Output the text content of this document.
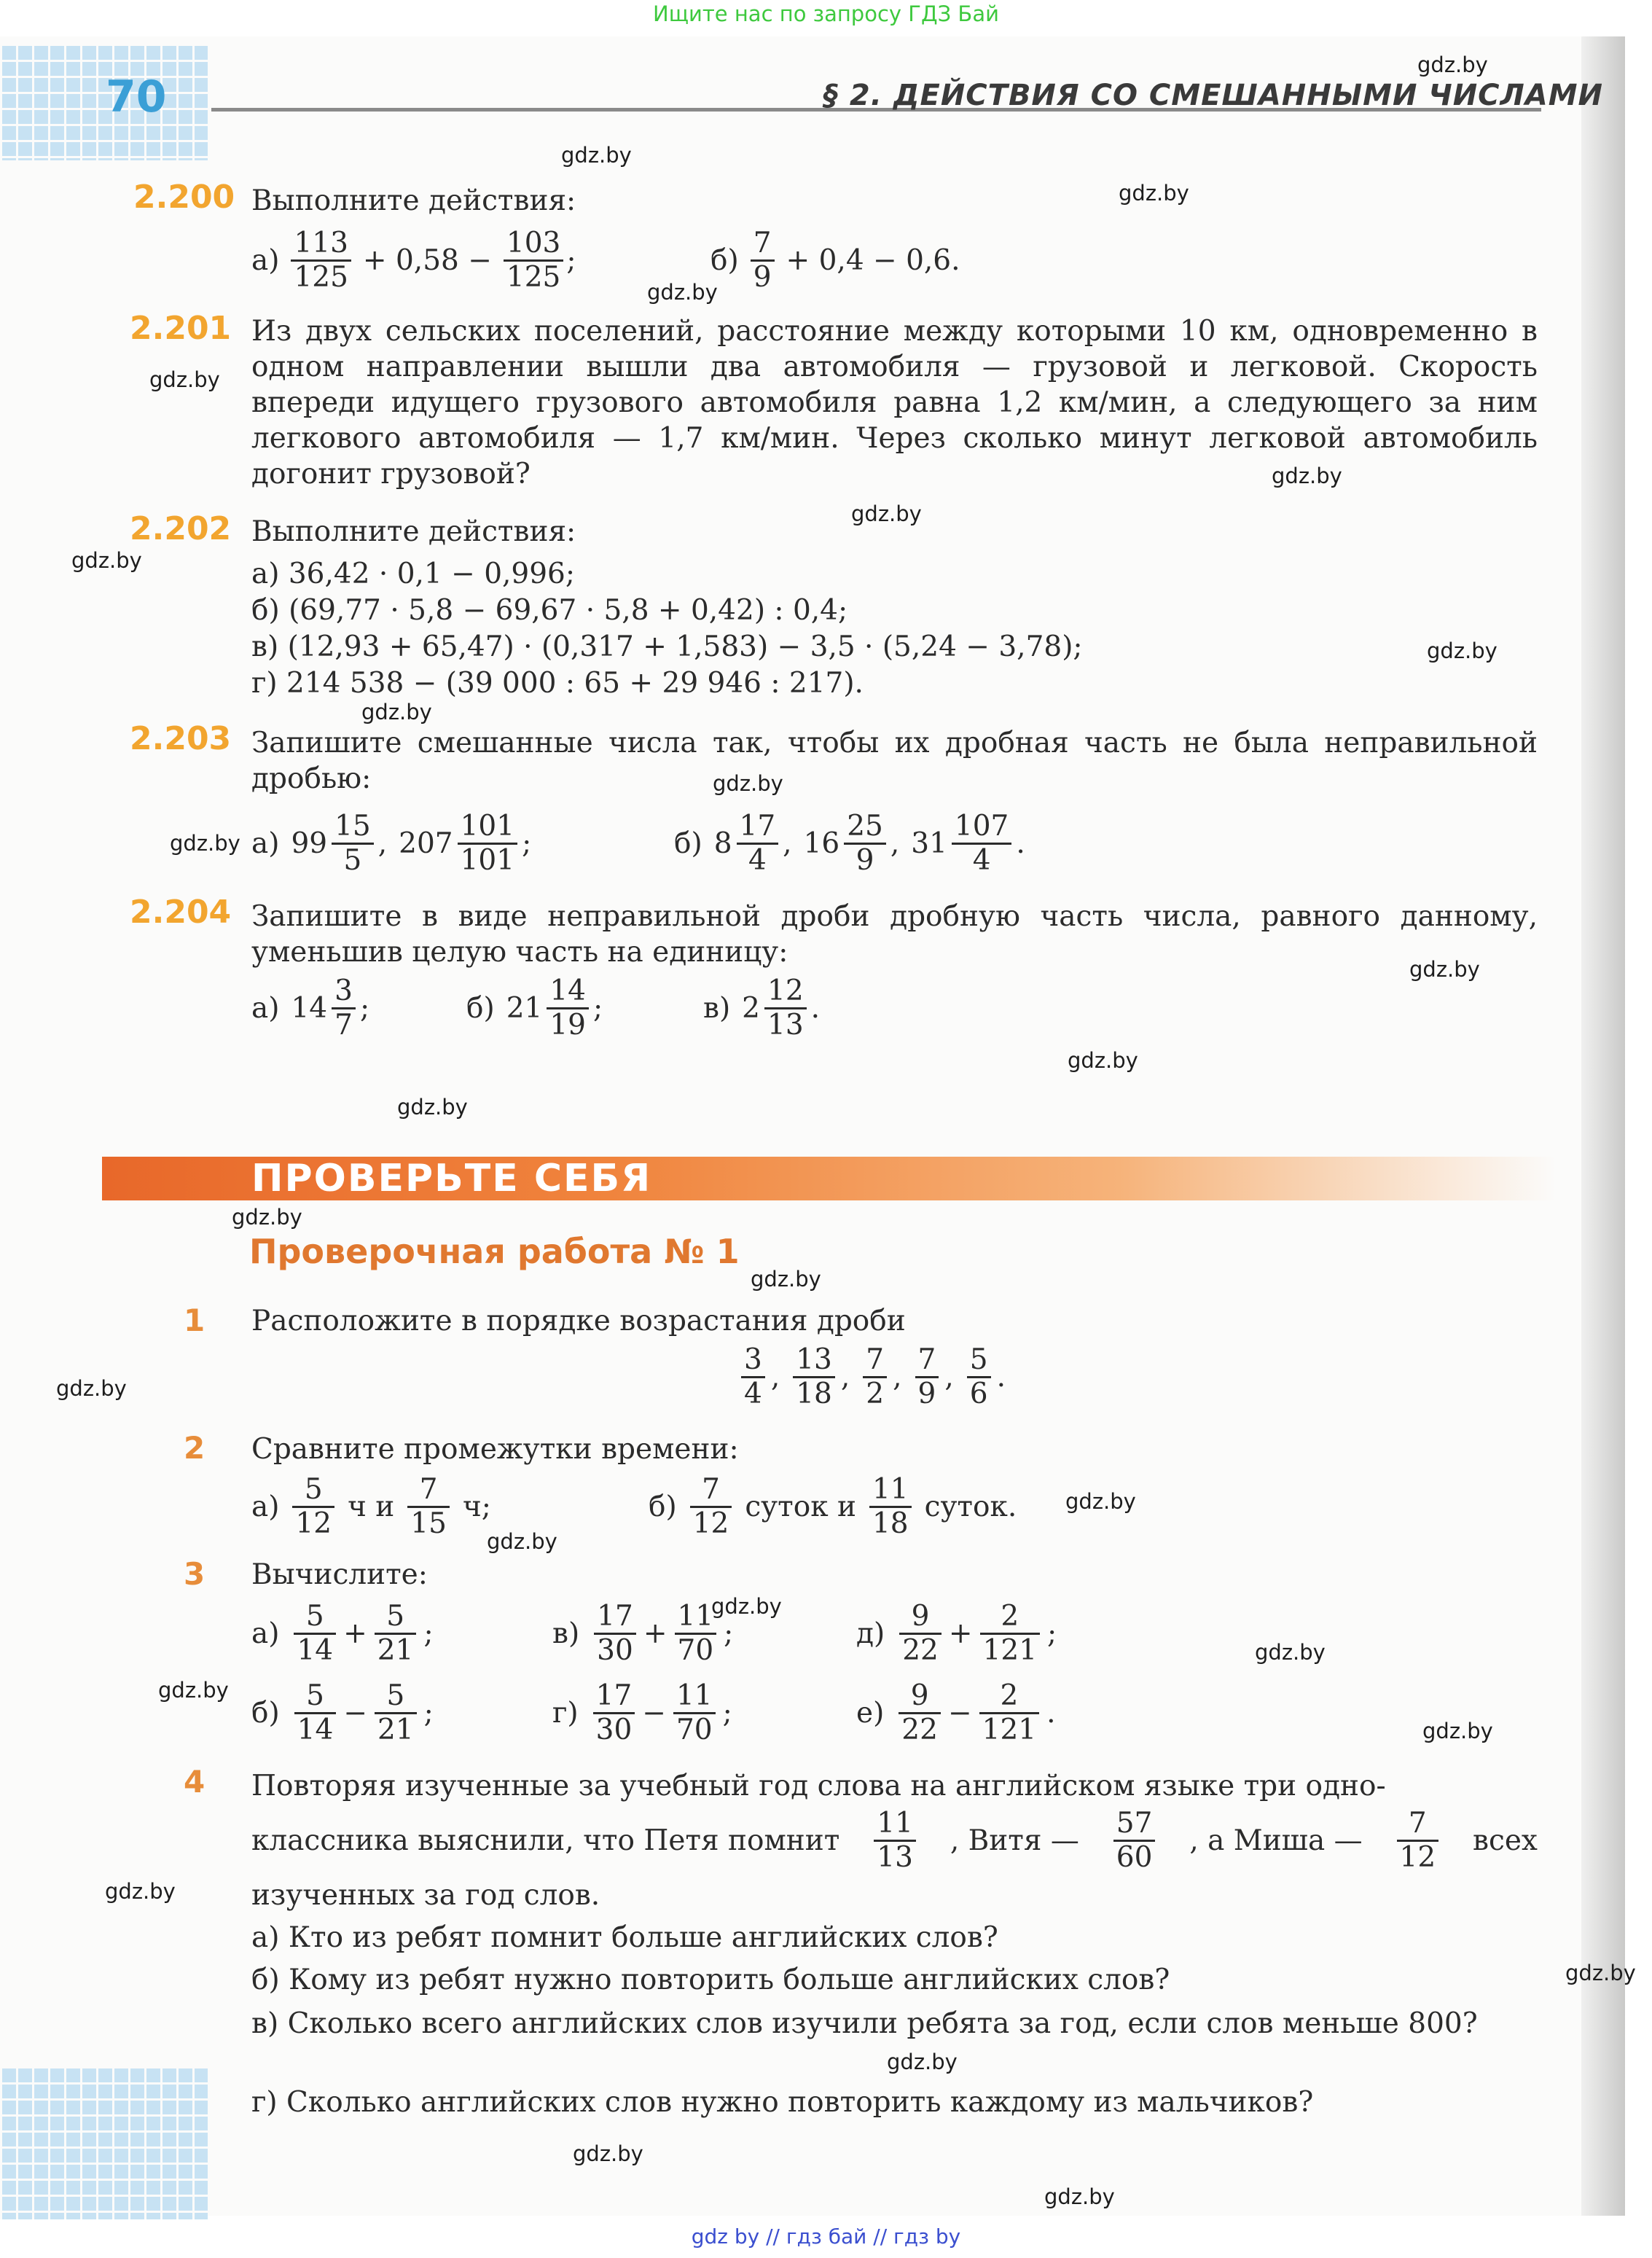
Ищите нас по запросу ГДЗ Бай
gdz by // гдз бай // гдз by
70	§ 2. ДЕЙСТВИЯ СО СМЕШАННЫМИ ЧИСЛАМИ
gdz.by
gdz.by
gdz.by
gdz.by
gdz.by
gdz.by
gdz.by
gdz.by
gdz.by
gdz.by
gdz.by
gdz.by
gdz.by
gdz.by
gdz.by
gdz.by
gdz.by
gdz.by
gdz.by
gdz.by
gdz.by
gdz.by
gdz.by
gdz.by
gdz.by
gdz.by
gdz.by
gdz.by
gdz.by
2.200 Выполните действия:
$а) \frac{113}{125} + 0,58 - \frac{103}{125}$ ;	$б) \frac{7}{9} + 0,4 - 0,6$.
2.201 Из двух сельских поселений, расстояние между которыми 10 км, одновременно в одном направлении вышли два автомобиля — грузовой и легковой. Скорость впереди идущего грузового автомобиля равна 1,2 км/мин, а следующего за ним легкового автомобиля — 1,7 км/мин. Через сколько минут легковой автомобиль догонит грузовой?
2.202 Выполните действия:
а) 36,42 · 0,1 − 0,996;
б) (69,77 · 5,8 − 69,67 · 5,8 + 0,42) : 0,4;
в) (12,93 + 65,47) · (0,317 + 1,583) − 3,5 · (5,24 − 3,78);
г) 214 538 − (39 000 : 65 + 29 946 : 217).
2.203 Запишите смешанные числа так, чтобы их дробная часть не была неправильной дробью:
а) $99 \frac{15}{5}$ , $207 \frac{101}{101}$ ;	б) $8 \frac{17}{4}$ , $16 \frac{25}{9}$ , $31 \frac{107}{4}$ .
2.204 Запишите в виде неправильной дроби дробную часть числа, равного данному, уменьшив целую часть на единицу:
а) $14 \frac{3}{7}$ ;	б) $21 \frac{14}{19}$ ;	в) $2 \frac{12}{13}$ .
ПРОВЕРЬТЕ СЕБЯ
Проверочная работа № 1
1 Расположите в порядке возрастания дроби
$\frac{3}{4}$ , $\frac{13}{18}$ , $\frac{7}{2}$ , $\frac{7}{9}$ , $\frac{5}{6}$ .
2 Сравните промежутки времени:
$а) \frac{5}{12}$ ч и $\frac{7}{15} ч$;	$б) \frac{7}{12}$ суток и $\frac{11}{18}$ суток.
3 Вычислите:
$а) \frac{5}{14} + \frac{5}{21}$ ;
$б) \frac{5}{14} - \frac{5}{21}$ ;
$в) \frac{17}{30} + \frac{11}{70}$ ;
$г) \frac{17}{30} - \frac{11}{70}$ ;
$д) \frac{9}{22} + \frac{2}{121}$ ;
$е) \frac{9}{22} - \frac{2}{121}$ .
4 Повторяя изученные за учебный год слова на английском языке три одно-
классника выяснили, что Петя помнит $\frac{11}{13}$ , Витя — $\frac{57}{60}$ , а Миша — $\frac{7}{12}$ всех
изученных за год слов.
а) Кто из ребят помнит больше английских слов?
б) Кому из ребят нужно повторить больше английских слов?
в) Сколько всего английских слов изучили ребята за год, если слов меньше 800?
г) Сколько английских слов нужно повторить каждому из мальчиков?
